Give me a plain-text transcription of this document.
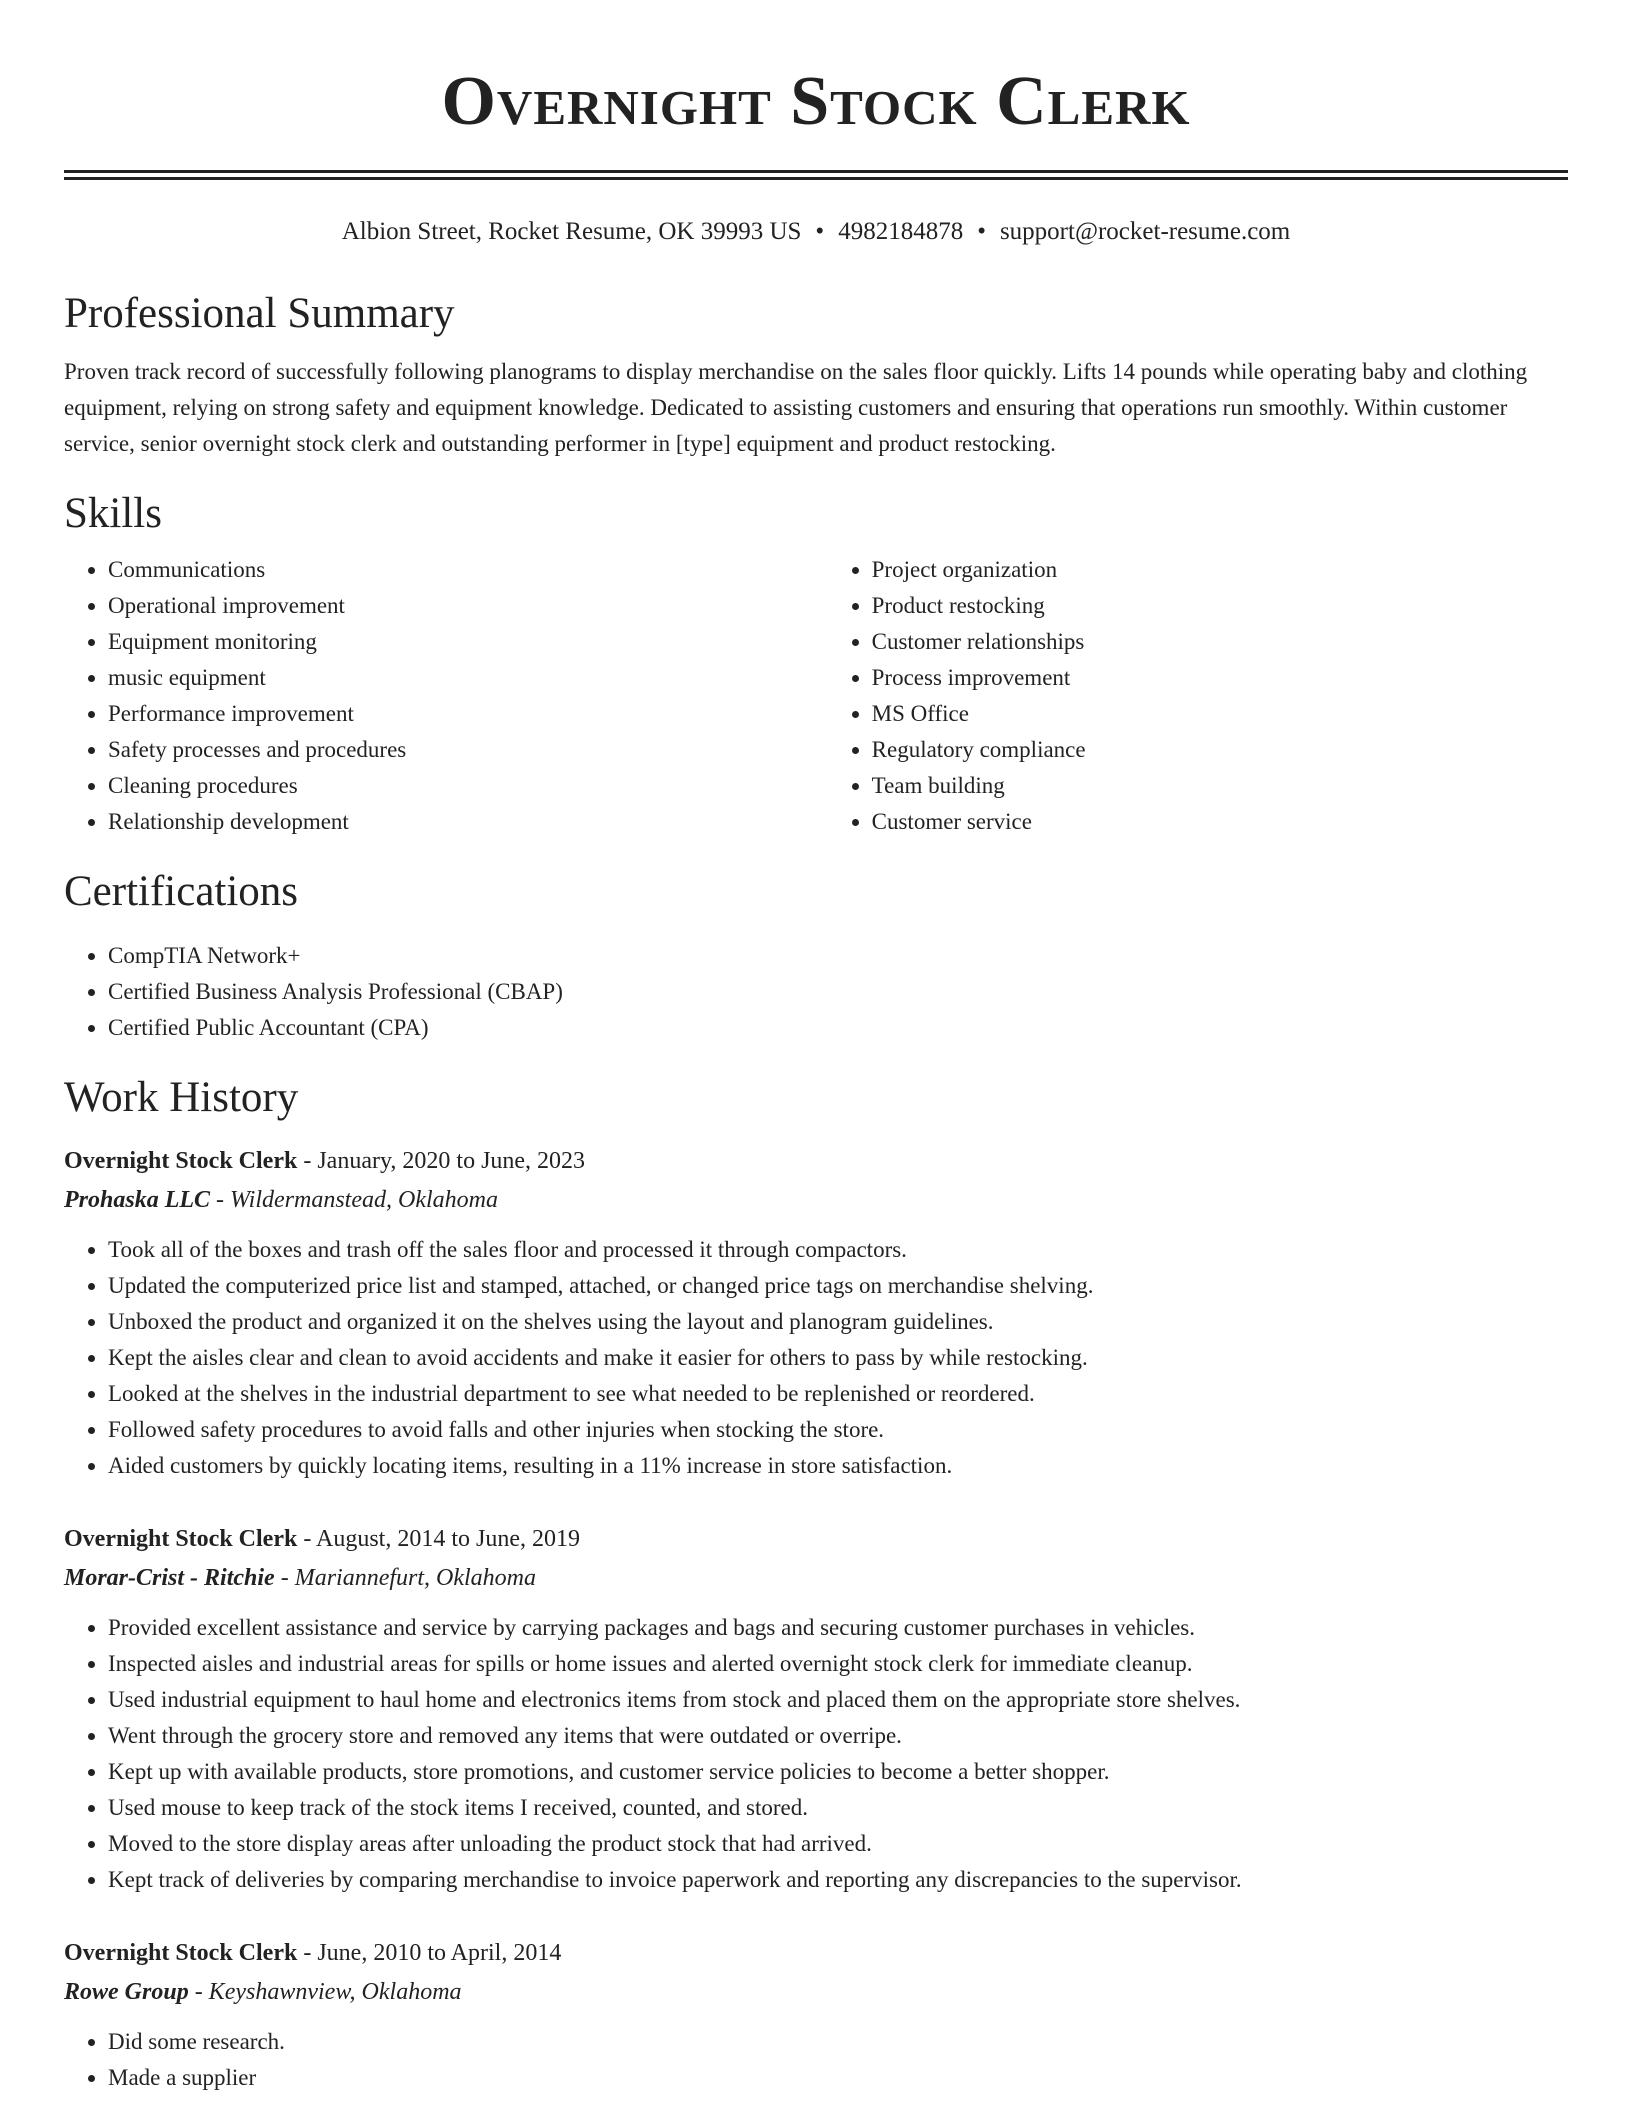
Overnight Stock Clerk
Albion Street, Rocket Resume, OK 39993 US • 4982184878 • support@rocket-resume.com
Professional Summary

Proven track record of successfully following planograms to display merchandise on the sales floor quickly. Lifts 14 pounds while operating baby and clothing equipment, relying on strong safety and equipment knowledge. Dedicated to assisting customers and ensuring that operations run smoothly. Within customer service, senior overnight stock clerk and outstanding performer in [type] equipment and product restocking.

Skills
• Communications
• Operational improvement
• Equipment monitoring
• music equipment
• Performance improvement
• Safety processes and procedures
• Cleaning procedures
• Relationship development
• Project organization
• Product restocking
• Customer relationships
• Process improvement
• MS Office
• Regulatory compliance
• Team building
• Customer service
Certifications
• CompTIA Network+
• Certified Business Analysis Professional (CBAP)
• Certified Public Accountant (CPA)
Work History
Overnight Stock Clerk - January, 2020 to June, 2023
Prohaska LLC - Wildermanstead, Oklahoma
• Took all of the boxes and trash off the sales floor and processed it through compactors.
• Updated the computerized price list and stamped, attached, or changed price tags on merchandise shelving.
• Unboxed the product and organized it on the shelves using the layout and planogram guidelines.
• Kept the aisles clear and clean to avoid accidents and make it easier for others to pass by while restocking.
• Looked at the shelves in the industrial department to see what needed to be replenished or reordered.
• Followed safety procedures to avoid falls and other injuries when stocking the store.
• Aided customers by quickly locating items, resulting in a 11% increase in store satisfaction.
Overnight Stock Clerk - August, 2014 to June, 2019
Morar-Crist - Ritchie - Mariannefurt, Oklahoma
• Provided excellent assistance and service by carrying packages and bags and securing customer purchases in vehicles.
• Inspected aisles and industrial areas for spills or home issues and alerted overnight stock clerk for immediate cleanup.
• Used industrial equipment to haul home and electronics items from stock and placed them on the appropriate store shelves.
• Went through the grocery store and removed any items that were outdated or overripe.
• Kept up with available products, store promotions, and customer service policies to become a better shopper.
• Used mouse to keep track of the stock items I received, counted, and stored.
• Moved to the store display areas after unloading the product stock that had arrived.
• Kept track of deliveries by comparing merchandise to invoice paperwork and reporting any discrepancies to the supervisor.
Overnight Stock Clerk - June, 2010 to April, 2014
Rowe Group - Keyshawnview, Oklahoma
• Did some research.
• Made a supplier
